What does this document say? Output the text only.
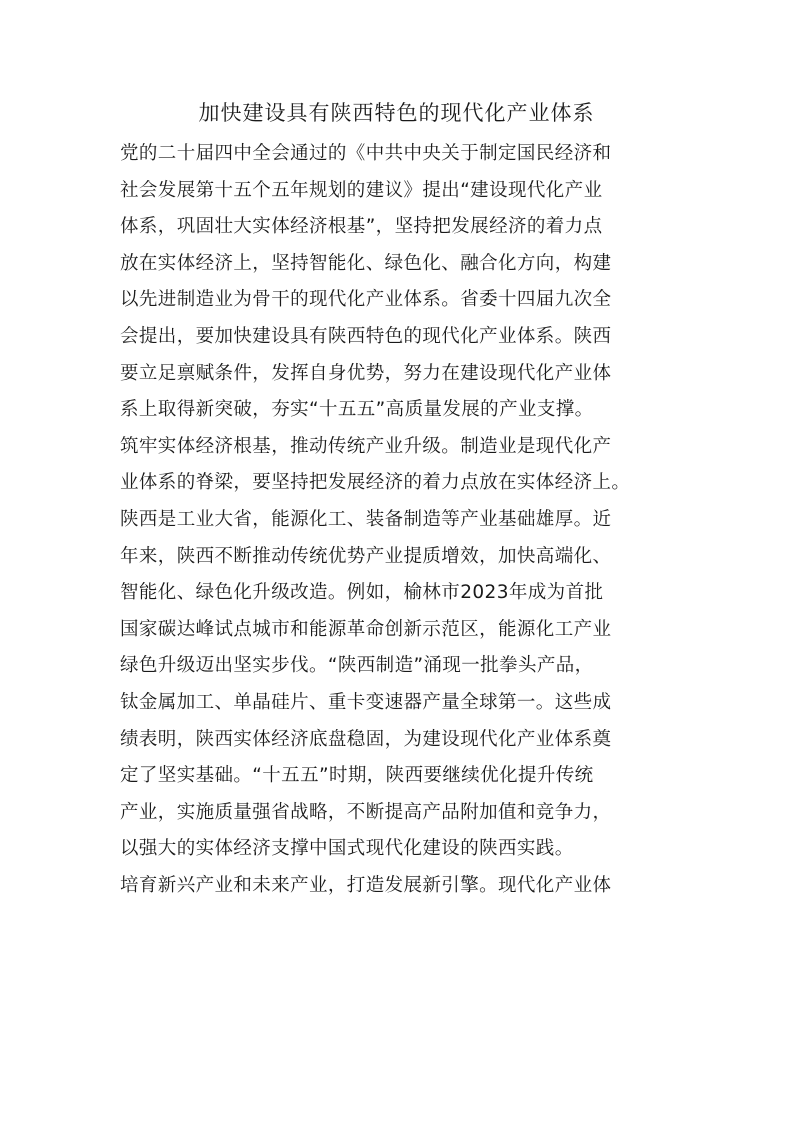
加快建设具有陕西特色的现代化产业体系
党的二十届四中全会通过的《中共中央关于制定国民经济和
社会发展第十五个五年规划的建议》提出“建设现代化产业
体系，巩固壮大实体经济根基”，坚持把发展经济的着力点
放在实体经济上，坚持智能化、绿色化、融合化方向，构建
以先进制造业为骨干的现代化产业体系。省委十四届九次全
会提出，要加快建设具有陕西特色的现代化产业体系。陕西
要立足禀赋条件，发挥自身优势，努力在建设现代化产业体
系上取得新突破，夯实“十五五”高质量发展的产业支撑。
筑牢实体经济根基，推动传统产业升级。制造业是现代化产
业体系的脊梁，要坚持把发展经济的着力点放在实体经济上。
陕西是工业大省，能源化工、装备制造等产业基础雄厚。近
年来，陕西不断推动传统优势产业提质增效，加快高端化、
智能化、绿色化升级改造。例如，榆林市2023年成为首批
国家碳达峰试点城市和能源革命创新示范区，能源化工产业
绿色升级迈出坚实步伐。“陕西制造”涌现一批拳头产品，
钛金属加工、单晶硅片、重卡变速器产量全球第一。这些成
绩表明，陕西实体经济底盘稳固，为建设现代化产业体系奠
定了坚实基础。“十五五”时期，陕西要继续优化提升传统
产业，实施质量强省战略，不断提高产品附加值和竞争力，
以强大的实体经济支撑中国式现代化建设的陕西实践。
培育新兴产业和未来产业，打造发展新引擎。现代化产业体
